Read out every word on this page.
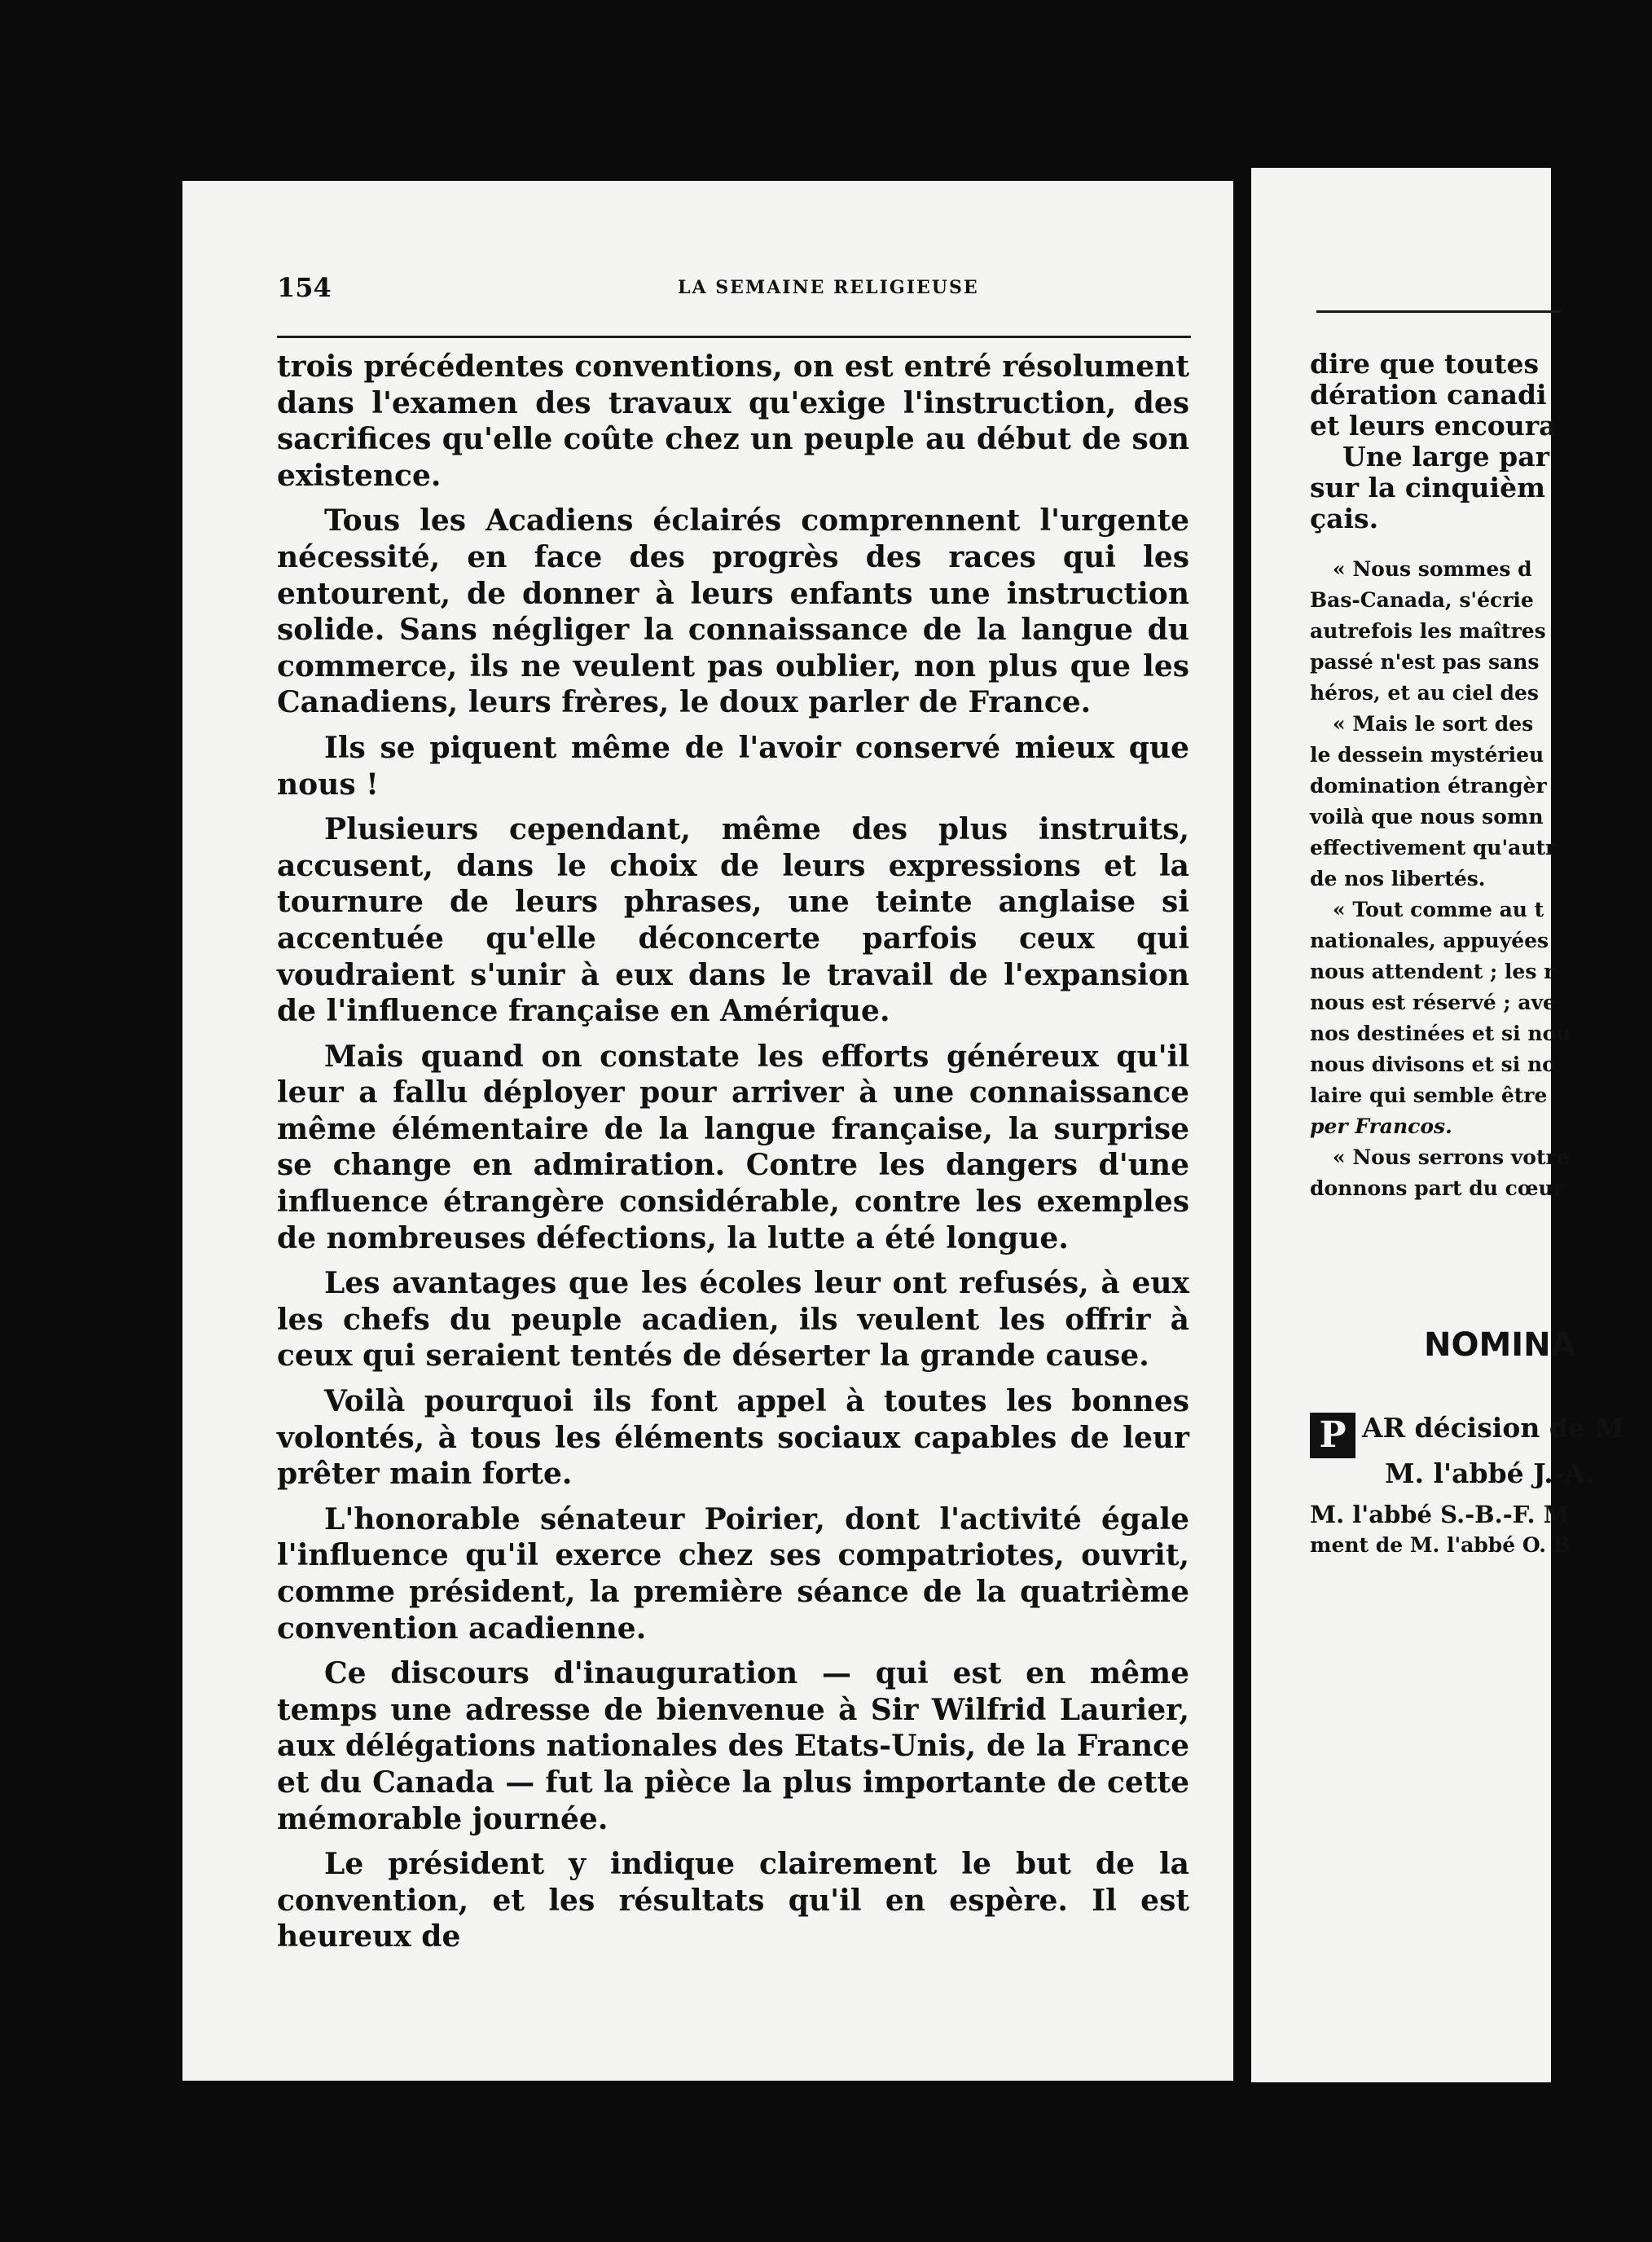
154	LA SEMAINE RELIGIEUSE

trois précédentes conventions, on est entré résolument dans l'examen des travaux qu'exige l'instruction, des sacrifices qu'elle coûte chez un peuple au début de son existence.

Tous les Acadiens éclairés comprennent l'urgente nécessité, en face des progrès des races qui les entourent, de donner à leurs enfants une instruction solide. Sans négliger la connaissance de la langue du commerce, ils ne veulent pas oublier, non plus que les Canadiens, leurs frères, le doux parler de France.

Ils se piquent même de l'avoir conservé mieux que nous !

Plusieurs cependant, même des plus instruits, accusent, dans le choix de leurs expressions et la tournure de leurs phrases, une teinte anglaise si accentuée qu'elle déconcerte parfois ceux qui voudraient s'unir à eux dans le travail de l'expansion de l'influence française en Amérique.

Mais quand on constate les efforts généreux qu'il leur a fallu déployer pour arriver à une connaissance même élémentaire de la langue française, la surprise se change en admiration. Contre les dangers d'une influence étrangère considérable, contre les exemples de nombreuses défections, la lutte a été longue.

Les avantages que les écoles leur ont refusés, à eux les chefs du peuple acadien, ils veulent les offrir à ceux qui seraient tentés de déserter la grande cause.

Voilà pourquoi ils font appel à toutes les bonnes volontés, à tous les éléments sociaux capables de leur prêter main forte.

L'honorable sénateur Poirier, dont l'activité égale l'influence qu'il exerce chez ses compatriotes, ouvrit, comme président, la première séance de la quatrième convention acadienne.

Ce discours d'inauguration — qui est en même temps une adresse de bienvenue à Sir Wilfrid Laurier, aux délégations nationales des Etats-Unis, de la France et du Canada — fut la pièce la plus importante de cette mémorable journée.

Le président y indique clairement le but de la convention, et les résultats qu'il en espère. Il est heureux de

dire que toutes

dération canadi

et leurs encoura

Une large par

sur la cinquièm

çais.

« Nous sommes d

Bas-Canada, s'écrie

autrefois les maîtres

passé n'est pas sans

héros, et au ciel des

« Mais le sort des

le dessein mystérieu

domination étrangèr

voilà que nous somn

effectivement qu'autr

de nos libertés.

« Tout comme au t

nationales, appuyées

nous attendent ; les r

nous est réservé ; ave

nos destinées et si nou

nous divisons et si no

laire qui semble être

per Francos.

« Nous serrons votre

donnons part du cœur

NOMINA

P AR décision de M

M. l'abbé J.-A.

M. l'abbé S.-B.-F. M

ment de M. l'abbé O. B
